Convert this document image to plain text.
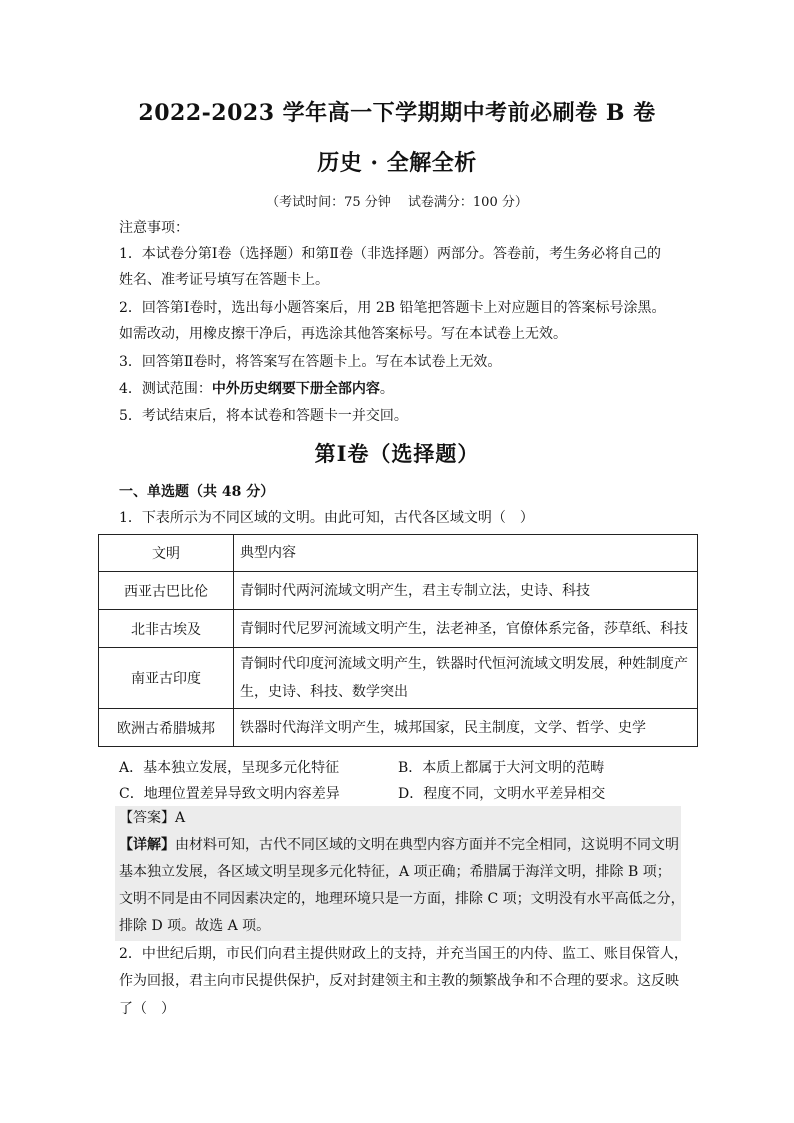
2022-2023 学年高一下学期期中考前必刷卷 B 卷
历史 · 全解全析
（考试时间：75 分钟　 试卷满分：100 分）
注意事项：
1．本试卷分第Ⅰ卷（选择题）和第Ⅱ卷（非选择题）两部分。答卷前，考生务必将自己的
姓名、准考证号填写在答题卡上。
2．回答第Ⅰ卷时，选出每小题答案后，用 2B 铅笔把答题卡上对应题目的答案标号涂黑。
如需改动，用橡皮擦干净后，再选涂其他答案标号。写在本试卷上无效。
3．回答第Ⅱ卷时，将答案写在答题卡上。写在本试卷上无效。
4．测试范围：中外历史纲要下册全部内容。
5．考试结束后，将本试卷和答题卡一并交回。
第Ⅰ卷（选择题）
一、单选题（共 48 分）
1．下表所示为不同区域的文明。由此可知，古代各区域文明（　）
文明	典型内容
西亚古巴比伦	青铜时代两河流域文明产生，君主专制立法，史诗、科技
北非古埃及	青铜时代尼罗河流域文明产生，法老神圣，官僚体系完备，莎草纸、科技
南亚古印度	青铜时代印度河流域文明产生，铁器时代恒河流域文明发展，种姓制度产生，史诗、科技、数学突出
欧洲古希腊城邦	铁器时代海洋文明产生，城邦国家，民主制度，文学、哲学、史学
A．基本独立发展，呈现多元化特征	B．本质上都属于大河文明的范畴
C．地理位置差异导致文明内容差异	D．程度不同，文明水平差异相交
【答案】A
【详解】由材料可知，古代不同区域的文明在典型内容方面并不完全相同，这说明不同文明
基本独立发展，各区域文明呈现多元化特征，A 项正确；希腊属于海洋文明，排除 B 项；
文明不同是由不同因素决定的，地理环境只是一方面，排除 C 项；文明没有水平高低之分，
排除 D 项。故选 A 项。
2．中世纪后期，市民们向君主提供财政上的支持，并充当国王的内侍、监工、账目保管人，
作为回报，君主向市民提供保护，反对封建领主和主教的频繁战争和不合理的要求。这反映
了（　）
